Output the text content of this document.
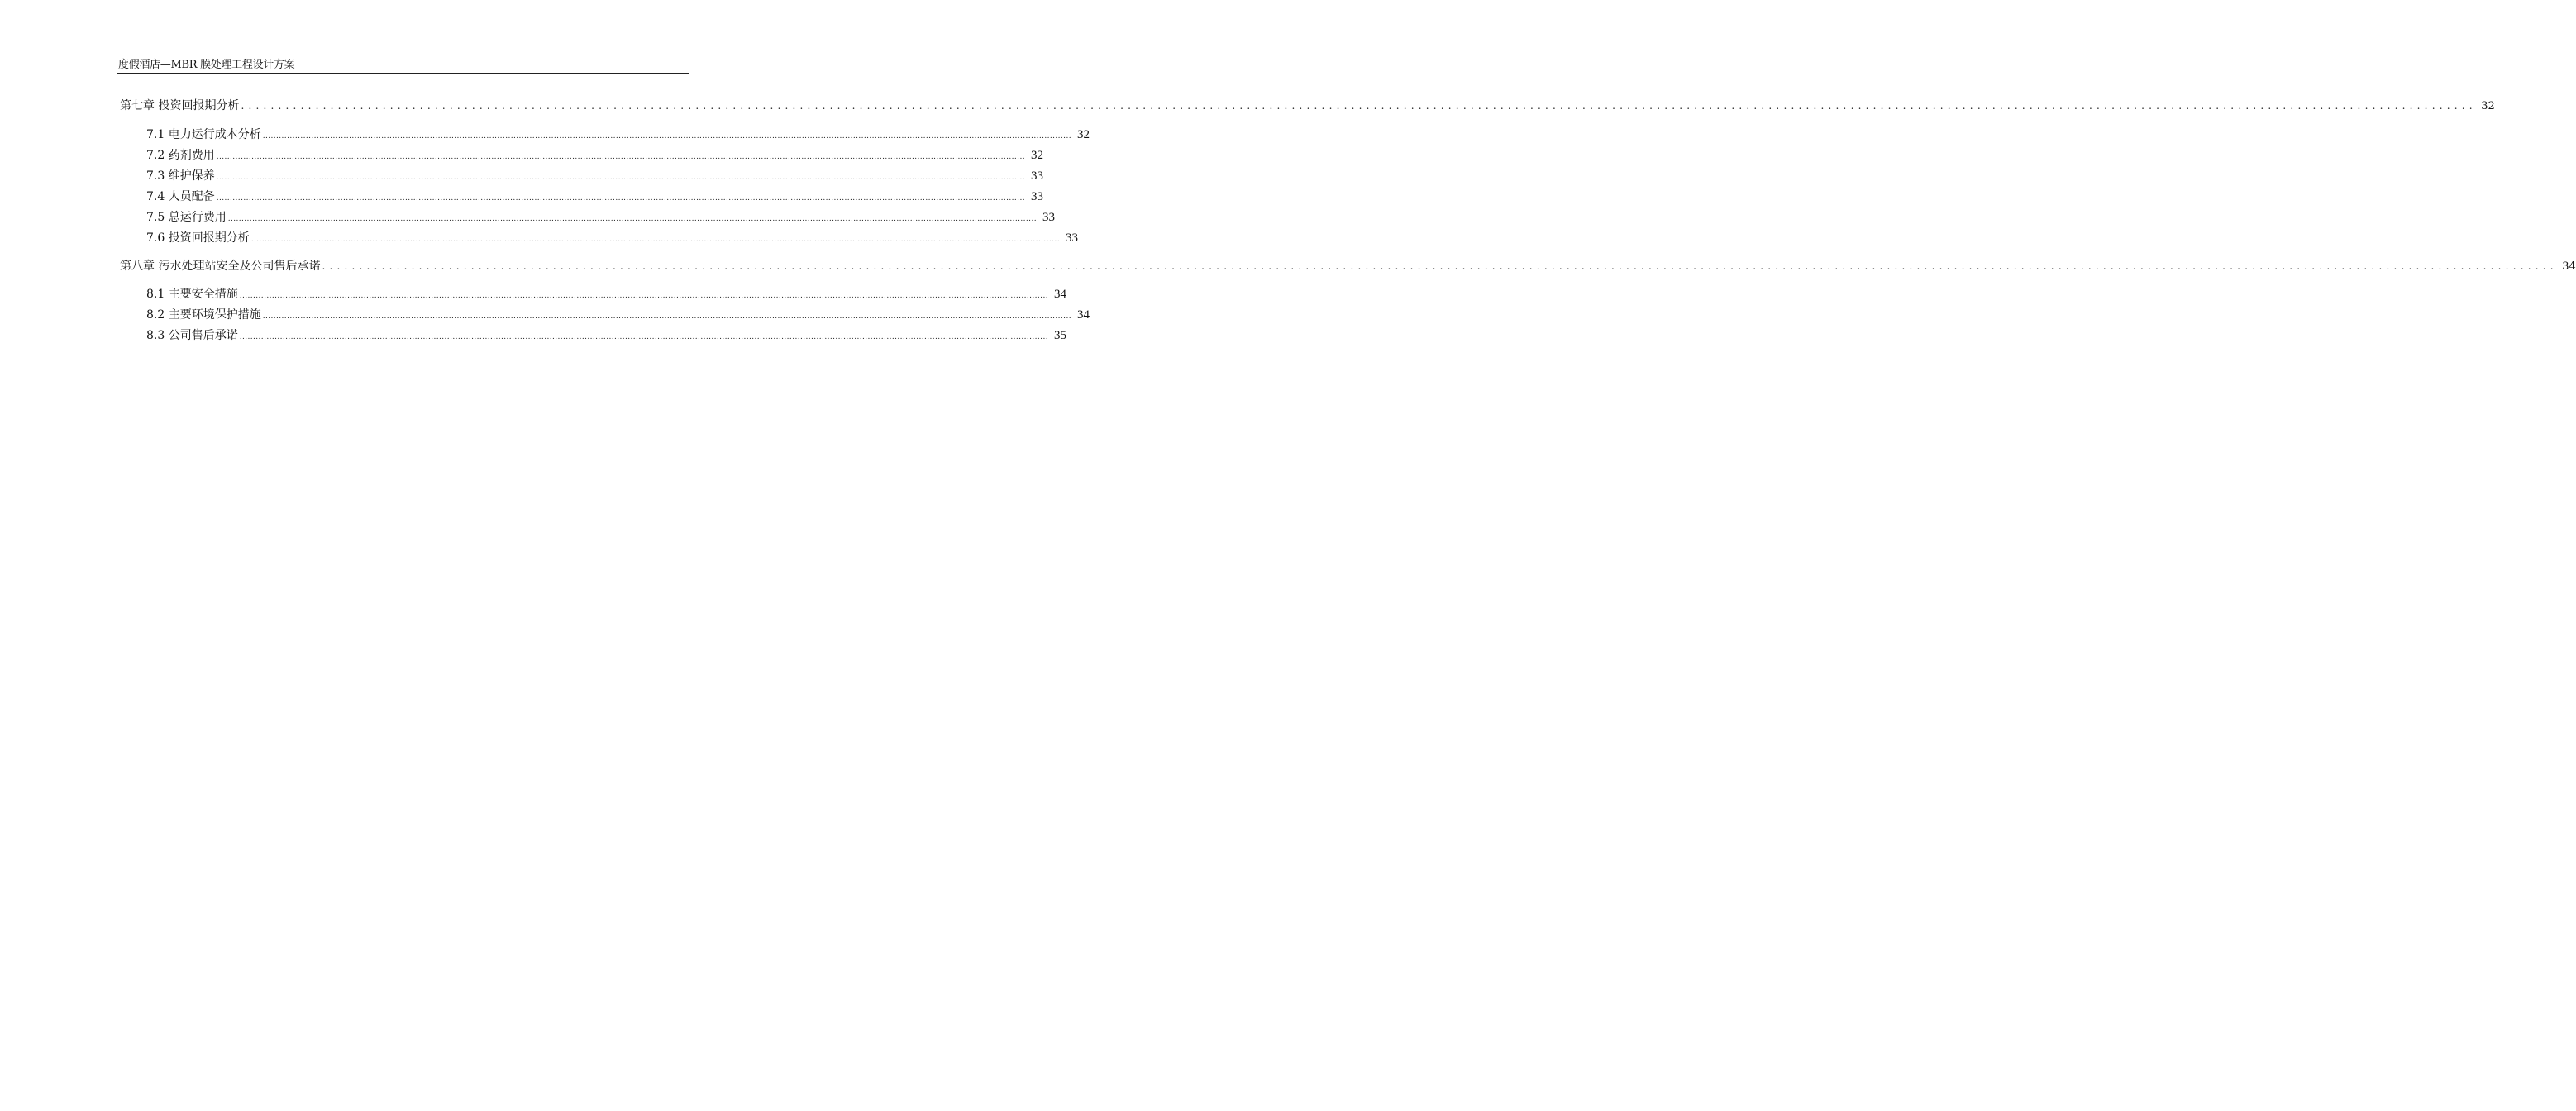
度假酒店—MBR 膜处理工程设计方案
第七章 投资回报期分析 ............................................................................................................................................................................................................................................................................................................ 32
7.1 电力运行成本分析 ............................................................................................................................................................................................................................................................................................................ 32
7.2 药剂费用 ............................................................................................................................................................................................................................................................................................................ 32
7.3 维护保养 ............................................................................................................................................................................................................................................................................................................ 33
7.4 人员配备 ............................................................................................................................................................................................................................................................................................................ 33
7.5 总运行费用 ............................................................................................................................................................................................................................................................................................................ 33
7.6 投资回报期分析 ............................................................................................................................................................................................................................................................................................................ 33
第八章 污水处理站安全及公司售后承诺 ............................................................................................................................................................................................................................................................................................................ 34
8.1 主要安全措施 ............................................................................................................................................................................................................................................................................................................ 34
8.2 主要环境保护措施 ............................................................................................................................................................................................................................................................................................................ 34
8.3 公司售后承诺 ............................................................................................................................................................................................................................................................................................................ 35
